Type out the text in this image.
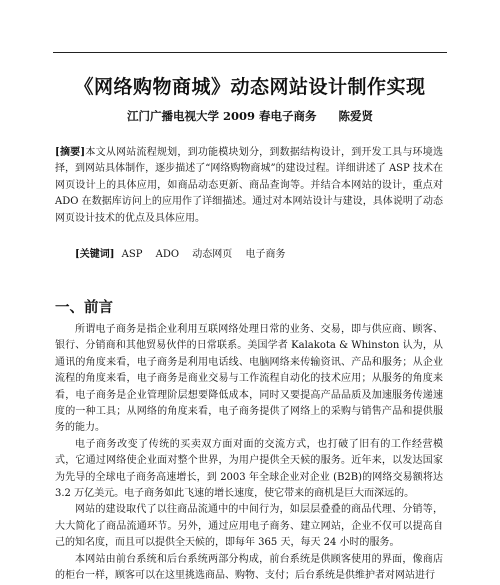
《网络购物商城》动态网站设计制作实现
江门广播电视大学 2009 春电子商务 陈爱贤
[摘要]本文从网站流程规划，到功能模块划分，到数据结构设计，到开发工具与环境选择，到网站具体制作，逐步描述了“网络购物商城”的建设过程。详细讲述了 ASP 技术在网页设计上的具体应用，如商品动态更新、商品查询等。并结合本网站的设计，重点对 ADO 在数据库访问上的应用作了详细描述。通过对本网站设计与建设，具体说明了动态网页设计技术的优点及具体应用。
[关键词] ASP ADO 动态网页 电子商务
一、前言

所谓电子商务是指企业利用互联网络处理日常的业务、交易，即与供应商、顾客、银行、分销商和其他贸易伙伴的日常联系。美国学者 Kalakota & Whinston 认为，从通讯的角度来看，电子商务是利用电话线、电脑网络来传输资讯、产品和服务；从企业流程的角度来看，电子商务是商业交易与工作流程自动化的技术应用；从服务的角度来看，电子商务是企业管理阶层想要降低成本，同时又要提高产品品质及加速服务传递速度的一种工具；从网络的角度来看，电子商务提供了网络上的采购与销售产品和提供服务的能力。

电子商务改变了传统的买卖双方面对面的交流方式，也打破了旧有的工作经营模式，它通过网络使企业面对整个世界，为用户提供全天候的服务。近年来，以发达国家为先导的全球电子商务高速增长，到 2003 年全球企业对企业 (B2B)的网络交易额将达 3.2 万亿美元。电子商务如此飞速的增长速度，使它带来的商机是巨大而深远的。

网站的建设取代了以往商品流通中的中间行为，如层层叠叠的商品代理、分销等，大大简化了商品流通环节。另外，通过应用电子商务、建立网站，企业不仅可以提高自己的知名度，而且可以提供全天候的，即每年 365 天，每天 24 小时的服务。

本网站由前台系统和后台系统两部分构成，前台系统是供顾客使用的界面，像商店的柜台一样，顾客可以在这里挑选商品、购物、支付；后台系统是供维护者对网站进行
